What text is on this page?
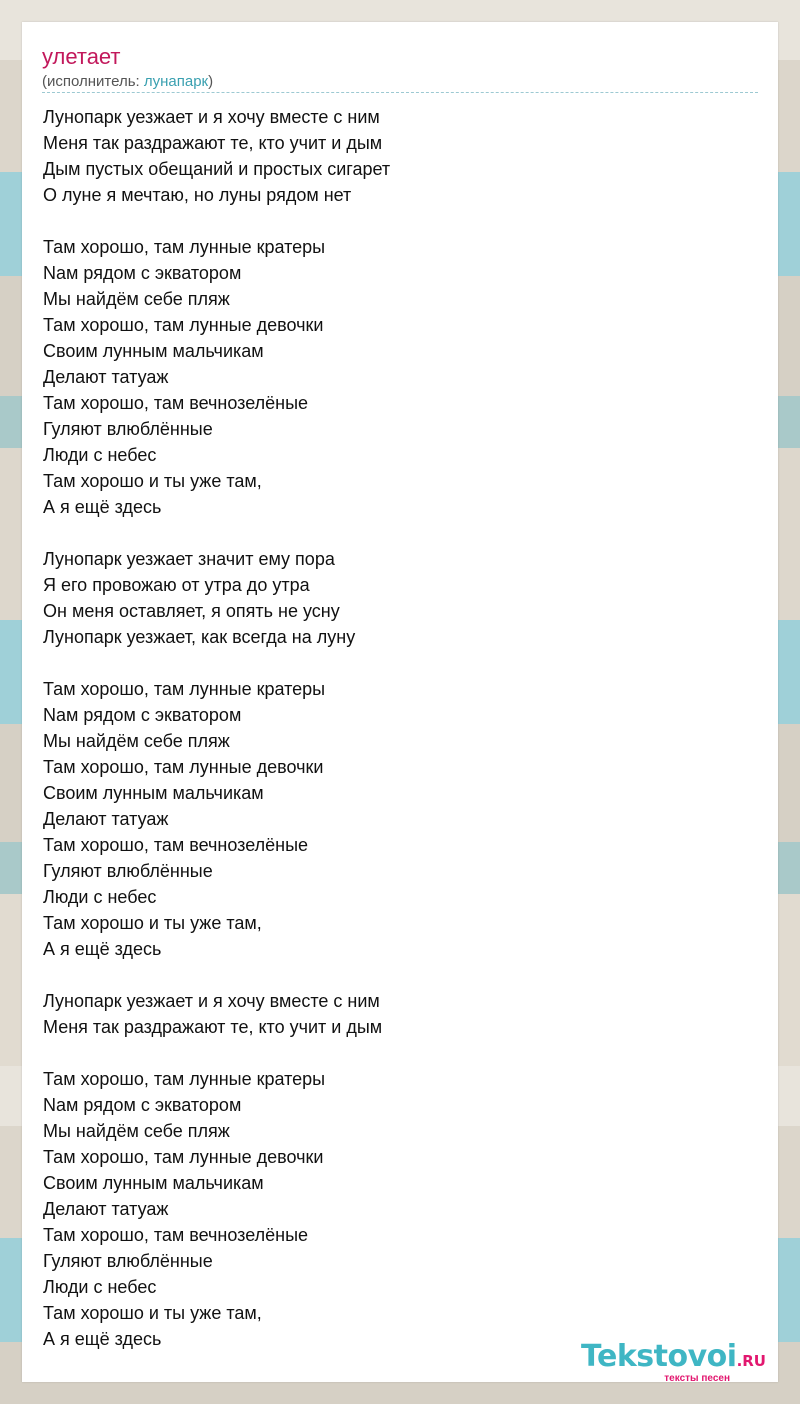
улетает
(исполнитель: лунапарк)
Лунопарк уезжает и я хочу вместе с ним
Меня так раздражают те, кто учит и дым
Дым пустых обещаний и простых сигарет
О луне я мечтаю, но луны рядом нет
Там хорошо, там лунные кратеры
Nам рядом с экватором
Мы найдём себе пляж
Там хорошо, там лунные девочки
Своим лунным мальчикам
Делают татуаж
Там хорошо, там вечнозелёные
Гуляют влюблённые
Люди с небес
Там хорошо и ты уже там,
А я ещё здесь
Лунопарк уезжает значит ему пора
Я его провожаю от утра до утра
Он меня оставляет, я опять не усну
Лунопарк уезжает, как всегда на луну
Там хорошо, там лунные кратеры
Nам рядом с экватором
Мы найдём себе пляж
Там хорошо, там лунные девочки
Своим лунным мальчикам
Делают татуаж
Там хорошо, там вечнозелёные
Гуляют влюблённые
Люди с небес
Там хорошо и ты уже там,
А я ещё здесь
Лунопарк уезжает и я хочу вместе с ним
Меня так раздражают те, кто учит и дым
Там хорошо, там лунные кратеры
Nам рядом с экватором
Мы найдём себе пляж
Там хорошо, там лунные девочки
Своим лунным мальчикам
Делают татуаж
Там хорошо, там вечнозелёные
Гуляют влюблённые
Люди с небес
Там хорошо и ты уже там,
А я ещё здесь	Tekstovoi.RU
тексты песен
